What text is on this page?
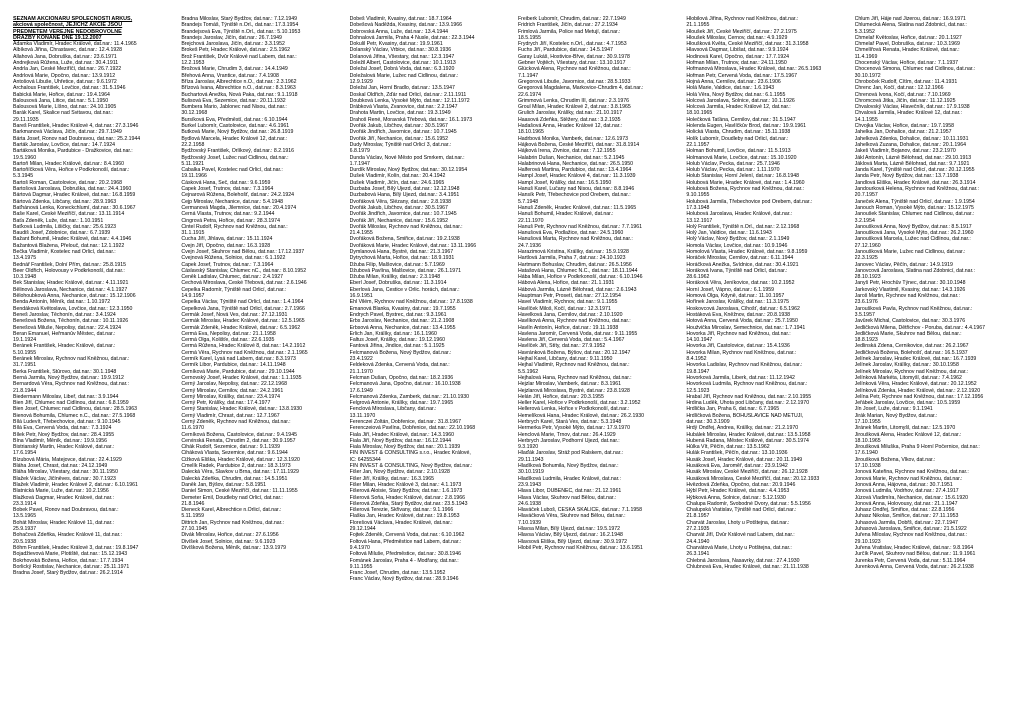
SEZNAM AKCIONÁŘŮ SPOLEČNOSTI ARKUS,
akciová společnost, JEJICHŽ AKCIE JSOU
PŘEDMĚTEM VEŘEJNÉ NEDOBROVOLNÉ
DRAŽBY KONANÉ DNE 19.12.2007
Adamka Vladimír, Hradec Králové, dat.nar.: 11.4.1965
Albíková Jiřina, Chrastavec, dat.nar.: 12.4.1928
Allahová Jana, Dobruška, dat.nar.: 23.6.1971
Andrejková Růžena, Luže, dat.nar.: 30.4.1911
Andrla Jan, České Meziříčí, dat.nar.: 26.7.1922
Andrlová Marie, Opočno, dat.nar.: 13.9.1912
Antošová Libuše, Uhřetice, dat.nar.: 9.6.1972
Archalous František, Lovčice, dat.nar.: 31.5.1946
Babická Marie, Hořice, dat.nar.: 19.4.1964
Balousová Jana, Litice, dat.nar.: 5.1.1950
Balousová Marie, Líšno, dat.nar.: 24.10.1905
Barák Karel, Skalice nad Svitavou, dat.nar.:
29.11.1935
Bareš František, Hradec Králové 4, dat.nar.: 27.3.1946
Barkmanová Václava, Jičín, dat.nar.: 29.7.1949
Bárta Josef, Ronov nad Doubravou, dat.nar.: 25.2.1944
Barták Jaroslav, Lovčice, dat.nar.: 14.7.1924
Bartáková Monika, Pardubice - Dražkovice, dat.nar.:
19.5.1960
Bartoň Milan, Hradec Králové, dat.nar.: 8.4.1960
Bartoňíčková Věra, Hořice v Podkrkonoší, dat.nar.:
5.3.1945
Bartoš Roman, Častolovice, dat.nar.: 20.2.1968
Bartošová Jaroslava, Dobruška, dat.nar.: 24.4.1960
Bártová Dagmar, Hradec Králové, dat.nar.: 16.8.1959
Bártová Zdenka, Libčany, dat.nar.: 28.9.1963
Baťhánová Lenka, Koneckchlumí, dat.nar.: 30.6.1967
Baše Karel, České Meziříčí, dat.nar.: 13.11.1914
Baťa Zdeněk, Luže, dat.nar.: 1.10.1951
Baťková Ludmila, Lišičky, dat.nar.: 25.6.1923
Baudiš Josef, Zdobnice, dat.nar.: 6.7.1939
Bažant Bohumil, Hradec Králové, dat.nar.: 4.4.1946
Bažantová Blažena, Přelouč, dat.nar.: 12.1.1922
Bečka Vladimír, Kostelec nad Orlicí, dat.nar.:
13.4.1975
Bednář František, Dolní Přím, dat.nar.: 25.8.1915
Beer Oldřich, Holovousy v Podkrkonoší, dat.nar.:
10.3.1948
Bek Stanislav, Hradec Králové, dat.nar.: 4.11.1921
Bělinová Jaroslava, Nechanice, dat.nar.: 4.1.1927
Bělohoubková Anna, Nechanice, dat.nar.: 15.12.1906
Benda Antonín, Měník, dat.nar.: 1.10.1972
Bendáková Květoslava, Lovčice, dat.nar.: 12.3.1950
Beneš Jaroslav, Těchonín, dat.nar.: 3.4.1924
Benešová Božena, Těchonín, dat.nar.: 10.11.1926
Benešová Miluše, Nepolisy, dat.nar.: 22.4.1924
Beran Emanuel, Heřmanův Městec, dat.nar.:
19.1.1924
Beránek František, Hradec Králové, dat.nar.:
5.10.1955
Beránek Miroslav, Rychnov nad Kněžnou, dat.nar.:
31.7.1951
Berka František, Štůrovo, dat.nar.: 30.1.1948
Berná Jarmila, Nový Bydžov, dat.nar.: 19.9.1912
Bernardová Věra, Rychnov nad Kněžnou, dat.nar.:
21.8.1944
Biedermann Miloslav, Libeř, dat.nar.: 3.9.1944
Bien Jiří, Chlumec nad Cidlinou, dat.nar.: 6.8.1959
Bien Josef, Chlumec nad Cidlinou, dat.nar.: 28.5.1963
Bienová Bohumila, Chlumec n.C., dat.nar.: 27.5.1968
Bílá Ludevít, Třebechovice, dat.nar.: 9.10.1945
Bílá Eva, Červená Voda, dat.nar.: 7.3.1924
Bílek Petr, Nový Bydžov, dat.nar.: 28.4.1955
Bína Vladimír, Měník, dat.nar.: 19.9.1956
Bistrianský Martin, Hradec Králové, dat.nar.:
17.6.1954
Bízubová Mária, Matejovce, dat.nar.: 22.4.1929
Bláha Josef, Chrast, dat.nar.: 24.12.1949
Bláha Miroslav, Všestary, dat.nar.: 30.11.1950
Blažek Václav, Jičíněves, dat.nar.: 30.7.1923
Blažek Vladimír, Hradec Králové 2, dat.nar.: 6.10.1961
Blatnická Marie, Luže, dat.nar.: 10.2.1956
Blažková Dagmar, Hradec Králové, dat.nar.:
23.3.1914
Bobek Pavel, Ronov nad Doubravou, dat.nar.:
13.5.1965
Bohát Miroslav, Hradec Králové 11, dat.nar.:
25.9.1937
Bohačová Zdeňka, Hradec Králové 11, dat.nar.:
20.5.1938
Böhm František, Hradec Králové 3, dat.nar.: 19.8.1947
Bojadžievová Marie, Plotiště, dat.nar.: 15.12.1943
Bokrhovská Božena, Hořice, dat.nar.: 17.7.1934
Borlický Rostislav, Nechanice, dat.nar.: 25.11.1971
Bradna Josef, Starý Bydžov, dat.nar.: 26.2.1914
Bradna Miloslav, Starý Bydžov, dat.nar.: 7.12.1949
Brandejs Tomáš, Týniště n.Orl., dat.nar.: 17.3.1954
Brandejsová Eva, Týniště n.Orl., dat.nar.: 5.10.1953
Brandejs Jaroslav, Jičín, dat.nar.: 26.7.1949
Brejchová Jaroslava, Jičín, dat.nar.: 3.3.1952
Brokeš Petr, Hradec Králové, dat.nar.: 2.5.1962
Brož František, Dvůr Králové nad Labem, dat.nar.:
12.2.1953
Brožová Marie, Chrudim 3, dat.nar.: 14.4.1949
Břehová Anna, Vrantice, dat.nar.: 7.4.1908
Bříza Jaroslav, Albrechtice n.O., dat.nar.: 2.3.1962
Břízová Ivana, Albrechtice n.O., dat.nar.: 8.3.1963
Buchartová Anežka, Nová Paka, dat.nar.: 9.1.1918
Bulisová Eva, Sezemice, dat.nar.: 20.11.1932
Bumbera Mario, Jablonec nad Nisou, dat.nar.:
30.12.1968
Bursíková Eva, Předměstí, dat.nar.: 6.10.1944
Burkel Lubomír, Častolovice, dat.nar.: 4.6.1961
Butková Marie, Nový Bydžov, dat.nar.: 26.8.1919
Bydlová Marcela, Hradec Králové 12, dat.nar.:
22.2.1958
Bydžovský František, Orlíkový, dat.nar.: 8.2.1916
Bydžovský Josef, Lužec nad Cidlinou, dat.nar.:
5.11.1921
Cabalka Pavel, Kostelec nad Orlicí, dat.nar.:
19.11.1966
Cásková Hana, Seč, dat.nar.: 9.6.1959
Čapek Josef, Trutnov, dat.nar.: 7.3.1964
Cejnarová Růžena, Bolehošť, dat.nar.: 24.2.1924
Cejp Miroslav, Nechanice, dat.nar.: 5.4.1948
Cermanová Magda, Jilemnice, dat.nar.: 20.4.1974
Černá Vlasta, Trutnov, dat.nar.: 9.2.1944
Cingrová Petra, Hořice, dat.nar.: 28.3.1974
Cintel Rudolf, Rychnov nad Kněžnou, dat.nar.:
31.1.1915
Cucha Jiří, Jihlava, dat.nar.: 15.11.1924
Cvejn Jiří, Opočno, dat.nar.: 16.3.1928
Cvejn Josef, Skuhrov nad Bělou, dat.nar.: 17.12.1937
Cvejnová Růžena, Solnice, dat.nar.: 6.1.1922
Čapek Josef, Trutnov, dat.nar.: 7.3.1964
Čáslavský Stanislav, Chlumec nC., dat.nar.: 8.10.1952
Čeněk Ladislav, Chlumec, dat.nar.: 2.4.1927
Čechová Miroslava, České Třebová, dat.nar.: 2.6.1946
Čepelka Radomír, Týniště nad Orlicí, dat.nar.:
14.9.1957
Čepelka Václav, Týniště nad Orlicí, dat.nar.: 1.4.1964
Čepelková Jana, Týniště nad Orlicí, dat.nar.: 2.7.1966
Čermák Josef, Nová Ves, dat.nar.: 27.12.1931
Čermák Miroslav, Hradec Králové, dat.nar.: 12.5.1965
Čermák Zdeněk, Hradec Králové, dat.nar.: 6.5.1962
Čermá Eva, Nepolisy, dat.nar.: 21.1.1958
Čermá Olga, Kolišťe, dat.nar.: 22.6.1935
Čermá Růžena, Hradec Králové 8, dat.nar.: 14.2.1912
Čermá Věra, Rychnov nad Kněžnou, dat.nar.: 2.1.1965
Čermík Karel, Lysá nad Labem, dat.nar.: 8.3.1973
Čermík Libor, Pardubice, dat.nar.: 14.11.1948
Černíková Marie, Pardubice, dat.nar.: 29.10.1944
Černovský Josef, Hradec Králové, dat.nar.: 1.1.1935
Černý Jaroslav, Nepolisy, dat.nar.: 22.12.1968
Černý Miroslav, Černilov, dat.nar.: 24.2.1961
Černý Miroslav, Králíky, dat.nar.: 23.4.1974
Černý Petr, Králíky, dat.nar.: 17.4.1977
Černý Stanislav, Hradec Králové, dat.nar.: 13.8.1930
Černý Vladimír, Chrast, dat.nar.: 12.7.1967
Černý Zdeněk, Rychnov nad Kněžnou, dat.nar.:
11.6.1970
Černíková Božena, Častolovice, dat.nar.: 9.4.1945
Červinská Renata, Chrudim 2, dat.nar.: 30.9.1957
Čihák Rudolf, Sezemice, dat.nar.: 9.1.1939
Čiháková Vlasta, Sezemice, dat.nar.: 9.6.1944
Čižková Eliška, Hradec Králové, dat.nar.: 12.3.1920
Čmelík Radek, Pardubice 2, dat.nar.: 18.3.1973
Dalecká Věra, Slavkov u Brna, dat.nar.: 17.11.1929
Dalecká Zdeňka, Chrudim, dat.nar.: 14.5.1951
Daněk Jan, Býšov, dat.nar.: 5.8.1951
Daniel Šimon, České Meziříčí, dat.nar.: 11.11.1955
Demeter Emil, Doudleby nad Orlicí, dat.nar.:
21.8.1946
Dieneck Karel, Albrechtice n.Orlicí, dat.nar.:
5.11.1959
Dittrich Jan, Rychnov nad Kněžnou, dat.nar.:
27.10.1945
Divák Miroslav, Hořice, dat.nar.: 27.6.1956
Divíšek Josef, Solnice, dat.nar.: 9.6.1923
Divíšková Božena, Měník, dat.nar.: 13.9.1979
Dobeš Vladimír, Kvasiny, dat.nar.: 18.7.1964
Dobešová Naděžda, Kvasiny, dat.nar.: 13.9.1966
Dobrovská Anna, Luže, dat.nar.: 13.4.1944
Dohnalová Jarmila, Praha 4 Nusle, dat.nar.: 22.3.1944
Dokulil Petr, Kvasiny, dat.nar.: 19.9.1961
Dolanský Václav, Vrbice, dat.nar.: 30.8.1936
Dolanová Jiřina, Všestary, dat.nar.: 12.3.1947
Doležil Albert, Častolovice, dat.nar.: 10.1.1913
Doležal Josef, Dobrá Voda, dat.nar.: 6.3.1920
Doležalová Marie, Lužec nad Cidlinou, dat.nar.:
12.9.1929
Doležal Jan, Horní Bradlo, dat.nar.: 13.5.1947
Doskal Oldřich, Žďár nad Orlicí, dat.nar.: 2.11.1911
Doubková Lenka, Vysoké Mýto, dat.nar.: 12.11.1972
Drábková Vlasta, Zvanovice, dat.nar.: 2.2.1947
Drahota Martin, Lovčice, dat.nar.: 19.3.1949
Drahoš René, Moravská Třebová, dat.nar.: 16.1.1973
Dvořák Jakub, Libčhov, dat.nar.: 30.5.1967
Dvořák Jindřich, Javornice, dat.nar.: 10.7.1945
Dvořák Jiří, Nechanice, dat.nar.: 15.6.1952
Dudy Miroslav, Týniště nad Orlicí 3, dat.nar.:
6.8.1979
Dunda Václav, Nové Město pod Smrkem, dat.nar.:
1.7.1947
Durdík Miroslav, Nový Bydžov, dat.nar.: 30.12.1954
Dušek Vladimír, Kolín, dat.nar.: 20.4.1942
Dušek Vladimír, Jičín, dat.nar.: 24.6.1965
Duzbaba Josef, Bílý Újezd, dat.nar.: 12.12.1948
Duzbabová Hana, Bílý Újezd, dat.nar.: 3.4.1951
Dvořáková Věra, Slézany, dat.nar.: 2.8.1938
Dvořák Jakub, Libčhov, dat.nar.: 30.5.1967
Dvořák Jindřich, Javornice, dat.nar.: 10.7.1945
Dvořák Jiří, Nechanice, dat.nar.: 15.6.1952
Dvořák Miloslav, Rychnov nad Kněžnou, dat.nar.:
21.4.1955
Dvořáková Božena, Smiřice, dat.nar.: 19.2.1938
Dvořáková Marie, Hradec Králové, dat.nar.: 13.11.1966
Dymlanová Hana, Bystré, dat.nar.: 21.3.1967
Dytrychová Marta, Hořice, dat.nar.: 18.9.1931
Džuba Filip, Malšovice, dat.nar.: 5.7.1969
Džubová Pavlína, Malšovice, dat.nar.: 26.1.1971
Džuba Milan, Králíky, dat.nar.: 2.3.1948
Eberl Josef, Dobruška, dat.nar.: 11.3.1914
Eberlová Jana, Čestice v Orlic. horách, dat.nar.:
16.9.1951
Ehl Vilém, Rychnov nad Kněžnou, dat.nar.: 17.8.1938
Emanová Blanka, Kvasiny, dat.nar.: 19.7.1955
Endrych Pavel, Bystrec, dat.nar.: 9.3.1961
Erbs Jaroslav, Nechanice, dat.nar.: 21.2.1908
Erbsová Anna, Nechanice, dat.nar.: 13.4.1955
Erlich Jan, Králíky, dat.nar.: 16.1.1960
Faltus Josef, Králíky, dat.nar.: 19.12.1960
Fantová Jiřina, Jindice, dat.nar.: 5.1.1925
Felcmanová Božena, Nový Bydžov, dat.nar.:
23.4.1922
Feldeková Zdenka, Červená Voda, dat.nar.:
21.1.1970
Felcman Dušan, Opočno, dat.nar.: 18.2.1936
Felcmanová Jana, Opočno, dat.nar.: 16.10.1938
17.6.1949
Felcmanová Zdenka, Žamberk, dat.nar.: 21.10.1930
Felgrová Antonie, Králíky, dat.nar.: 19.7.1965
Fenclová Miroslava, Libčany, dat.nar.:
13.11.1970
Ferenczei Zoltán, Dobřenice, dat.nar.: 31.8.1967
Ferenczeiová Pavlína, Dobřenice, dat.nar.: 22.10.1968
Fiala Jiří, Hradec Králové, dat.nar.: 14.3.1960
Fiala Jiří, Nový Bydžov, dat.nar.: 16.12.1944
Fiala Miroslav, Nový Bydžov, dat.nar.: 20.1.1939
FIN INVEST & CONSULTING s.r.o., Hradec Králové,
IČ: 64255344
FIN INVEST & CONSULTING, Nový Bydžov, dat.nar.:
Fišer Jan, Nový Bydžov, dat.nar.: 2.10.1928
Fišer Jiří, Králíky, dat.nar.: 16.3.1965
Fišer Milan, Hradec Králové 3, dat.nar.: 4.1.1973
Fišerová Aloisie, Starý Bydžov, dat.nar.: 1.6.1973
Fišerová Soňa, Hradec Králové, dat.nar.: 2.8.1966
Fišerová Zdeňka, Starý Bydžov, dat.nar.: 23.5.1943
Fišerová Terezie, Skřivany, dat.nar.: 9.1.1966
Flaška Jan, Hradec Králové, dat.nar.: 19.8.1953
Florešová Václava, Hradec Králové, dat.nar.:
29.12.1944
Fojtek Zdeněk, Červená Voda, dat.nar.: 6.10.1962
Foltová Hana, Předměstice nad Labem, dat.nar.:
9.4.1970
Foltová Miluše, Předměstice, dat.nar.: 30.8.1946
Fománek Jaroslav, Praha 4 - Modřany, dat.nar.:
9.11.1955
Franc Josef, Chrudim, dat.nar.: 13.5.1952
Franc Václav, Nový Bydžov, dat.nar.: 28.9.1946
Freiberk Lubomír, Chrudim, dat.nar.: 22.7.1949
Fridrich František, Jičín, dat.nar.: 27.2.1934
Frimlová Jarmila, Police nad Metují, dat.nar.:
18.5.1955
Frydrych Jiří, Kostelec n.Orl., dat.nar.: 4.7.1953
Fuchs Jiří, Pardubice, dat.nar.: 14.5.1947
Garay Lukáš, Hostivice-Břve, dat.nar.: 30.9.1978
Gebner Vojtěch, Všestary, dat.nar.: 13.10.1917
Glücková Alena, Rychnov nad Kněžnou, dat.nar.:
7.1.1947
Gregorová Libuše, Javornice, dat.nar.: 28.5.1933
Gregorová Magdalena, Markovice-Chrudim 4, dat.nar.:
22.6.1974
Grimmová Lenka, Chrudim III, dat.nar.: 2.3.1976
Groul Milan, Hradec Králové 2, dat.nar.: 3.8.1965
Grulich Jaroslav, Králíky, dat.nar.: 21.10.1917
Haasová Zdeňka, Stěžery, dat.nar.: 3.2.1935
Hadašová Anna, Hradec Králové 12, dat.nar.:
18.10.1965
Hadrbová Monika, Vamberk, dat.nar.: 12.6.1973
Hájková Božena, České Meziříčí, dat.nar.: 31.8.1914
Hájková Irena, Živnice, dat.nar.: 7.12.1955
Halabrin Dušan, Nechanice, dat.nar.: 5.2.1945
Halabrinová Hana, Nechanice, dat.nar.: 26.5.1950
Halferová Martina, Pardubice, dat.nar.: 13.4.1964
Hampl Josef, Hradec Králové 4, dat.nar.: 11.3.1939
Hampl Josef, Králíky, dat.nar.: 16.5.1950
Hanuš Karel, Lučany nad Nisou, dat.nar.: 8.8.1946
Hansík Petr, Třebechovice pod Orebem, dat.nar.:
5.7.1948
Hanuš Zdeněk, Hradec Králové, dat.nar.: 11.5.1965
Hanuš Bohumil, Hradec Králové, dat.nar.:
22.11.1970
Hanuš Petr, Rychnov nad Kněžnou, dat.nar.: 7.7.1961
Hanušová Eva, Podlažice, dat.nar.: 24.5.1960
Hanušová Marta, Rychnov nad Kněžnou, dat.nar.:
24.7.1936
Harazimová Kristina, Králíky, dat.nar.: 15.9.1928
Hartlová Jarmila, Praha 7, dat.nar.: 24.10.1923
Hartmann Bohuslav, Chrudim, dat.nar.: 26.5.1956
Hatašová Hana, Chlumec N.C., dat.nar.: 18.11.1944
Hába Milan, Hořice v Podkrkonoší, dat.nar.: 6.10.1946
Hábová Alena, Hořice, dat.nar.: 21.1.1931
Hábová Jarmila, Lázně Bělohrad, dat.nar.: 2.6.1943
Hauptman Petr, Prosetí, dat.nar.: 27.12.1954
Havel Vladimír, Rychnov, dat.nar.: 9.1.1955
Havlíček Miloš, Kočí, dat.nar.: 12.3.1971
Havelková Jana, Černilov, dat.nar.: 2.10.1920
Havlíková Anna, Rychnov nad Kněžnou, dat.nar.:
Havlín Antonín, Hořice, dat.nar.: 19.11.1938
Havlena Jaromír, Červená Voda, dat.nar.: 9.11.1955
Havlena Jiří, Červená Voda, dat.nar.: 5.4.1967
Havlíček Jiří, Štíty, dat.nar.: 27.9.1952
Havránková Božena, Býšov, dat.nar.: 20.12.1947
Hejhal Karel, Libčany, dat.nar.: 9.11.1950
Hejhal Vladimír, Rychnov nad Kněžnou, dat.nar.:
5.5.1962
Hejhalová Hana, Rychnov nad Kněžnou, dat.nar.:
Hejzlar Miroslav, Vamberk, dat.nar.: 8.3.1961
Hejzlarová Miroslava, Bystré, dat.nar.: 23.8.1928
Helán Jiří, Hořice, dat.nar.: 20.3.1955
Heller Karel, Hořice v Podkrkonoší, dat.nar.: 3.2.1952
Hellerová Lenka, Hořice v Podkrkonoší, dat.nar.:
Hemelíková Hana, Hradec Králové, dat.nar.: 26.2.1930
Herbrych Karel, Stará Ves, dat.nar.: 5.3.1948
Hermerka Petr, Vysoké Mýto, dat.nar.: 17.9.1970
Henclová Marie, Trnov, dat.nar.: 26.4.1929
Herbrych Jaroslav, Podhorní Újezd, dat.nar.:
9.3.1920
Hlaďák Jaroslav, Stráž pod Ralskem, dat.nar.:
29.11.1943
Hladíková Bohumila, Nový Bydžov, dat.nar.:
30.10.1919
Hladíková Ludmila, Hradec Králové, dat.nar.:
23.9.1943
Hlava Libor, DUBENEC, dat.nar.: 21.12.1961
Hlava Václav, Skuhrov nad Bělou, dat.nar.:
24.6.1938
Hlaváček Luboš, ČESKÁ SKALICE, dat.nar.: 7.1.1958
Hlaváčková Věra, Skuhrov nad Bělou, dat.nar.:
7.10.1939
Hlavsa Milan, Bílý Újezd, dat.nar.: 19.5.1972
Hlavsa Václav, Bílý Újezd, dat.nar.: 16.2.1948
Hlavsová Eliška, Bílý Újezd, dat.nar.: 30.9.1972
Hlobil Petr, Rychnov nad Kněžnou, dat.nar.: 13.6.1951
Hlobilová Jiřina, Rychnov nad Kněžnou, dat.nar.:
21.1.1955
Hloušek Jiří, České Meziříčí, dat.nar.: 27.2.1975
Hloušek Miloslav, Černov, dat.nar.: 4.9.1929
Hloušková Květa, České Meziříčí, dat.nar.: 31.3.1958
Hlavsová Dagmar, Libišat, dat.nar.: 9.9.1924
Hodinová Karel, Opočno, dat.nar.: 17.7.1924
Hofman Milan, Trutnov, dat.nar.: 24.11.1950
Hofmanová Miroslava, Hradec Králové, dat.nar.: 26.5.1963
Hofman Petr, Červená Voda, dat.nar.: 17.5.1967
Hojná Anna, Černilov, dat.nar.: 23.6.1906
Holá Marie, Valdice, dat.nar.: 1.6.1943
Holá Věra, Nový Bydžov, dat.nar.: 6.1.1955
Holcová Jaroslava, Solnice, dat.nar.: 10.1.1926
Holcová Jarmila, Hradec Králové 12, dat.nar.:
18.10.1965
Holečková Taťána, Černilov, dat.nar.: 31.5.1947
Holenda Eugen, Havlíčkův Brod, dat.nar.: 19.9.1961
Holická Vlasta, Chrudim, dat.nar.: 15.11.1938
Holík Lubomír, Doudleby nad Orlicí, dat.nar.:
22.1.1957
Holman Bohumil, Lovčice, dat.nar.: 11.5.1913
Holmanová Marie, Lovčice, dat.nar.: 15.10.1920
Holub Václav, Pecka, dat.nar.: 25.7.1946
Holub Václav, Pecka, dat.nar.: 1.11.1970
Holub Stanislav, Horní Jelení, dat.nar.: 16.8.1948
Holubová Marie, Hradec Králové, dat.nar.: 1.4.1960
Holubová Božena, Rychnov nad Kněžnou, dat.nar.:
9.10.1955
Holubová Jarmila, Třebechovice pod Orebem, dat.nar.:
17.3.1948
Holubová Jaroslava, Hradec Králové, dat.nar.:
13.12.1917
Holý František, Týniště n.Orl., dat.nar.: 2.12.1968
Holý Jan, Valdice, dat.nar.: 11.6.1943
Holý Václav, Nový Bydžov, dat.nar.: 2.1.1949
Homola Václav, Lovčice, dat.nar.: 10.9.1946
Homolová Vlasta, Hradec Králové, dat.nar.: 9.8.1959
Horáček Miroslav, Černilov, dat.nar.: 6.11.1944
Horáčková Anežka, Svídnice, dat.nar.: 30.4.1921
Horáková Ivana, Týniště nad Orlicí, dat.nar.:
28.6.1962
Horáková Věra, Jeníkovice, dat.nar.: 10.2.1952
Horní Josef, Vápno, dat.nar.: 6.1.1959
Homová Olga, Kdyně, dat.nar.: 11.10.1957
Hořínek Jaroslav, Králíky, dat.nar.: 11.3.1975
Hoskovcová Jaroslava, Číhošť, dat.nar.: 6.5.1962
Hostáková Eva, Kněžnov, dat.nar.: 20.8.1938
Hotová Anna, Červená Voda, dat.nar.: 25.7.1950
Houžvička Miroslav, Semechnice, dat.nar.: 1.7.1941
Hovorka Jiří, Rychnov nad Kněžnou, dat.nar.:
14.10.1947
Hovorka Jiří, Častolovice, dat.nar.: 15.4.1936
Hovorka Milan, Rychnov nad Kněžnou, dat.nar.:
8.4.1952
Hovorka Ladislav, Rychnov nad Kněžnou, dat.nar.:
19.8.1947
Hovorková Jarmila, Liberk, dat.nar.: 11.12.1942
Hovorková Ludmila, Rychnov nad Kněžnou, dat.nar.:
12.5.1923
Hrabal Jiří, Rychnov nad Kněžnou, dat.nar.: 2.10.1955
Hrdina Luděk, Úhota pod Libčany, dat.nar.: 2.12.1970
Hrdlička Jan, Praha 6, dat.nar.: 6.7.1965
Hrdlíčková Božena, BOHUSLAVICE NAD METUJÍ,
dat.nar.: 30.3.1909
Hrdý Ondřej, Andrea, Králíky, dat.nar.: 21.2.1970
Hubálek Miroslav, Hradec Králové, dat.nar.: 13.5.1958
Hubená Radana, Městec Králové, dat.nar.: 30.5.1974
Hůlka Vít, Pěčín, dat.nar.: 13.5.1962
Hulák František, Pěčín, dat.nar.: 13.10.1936
Husák Josef, Hradec Králové, dat.nar.: 20.11.1949
Husáková Eva, Jaroměř, dat.nar.: 23.9.1942
Husák Miroslav, České Meziříčí, dat.nar.: 26.12.1928
Husáková Miroslava, České Meziříčí, dat.nar.: 20.12.1933
Hvězdová Zdeňka, Opočno, dat.nar.: 20.9.1946
Hýbl Petr, Hradec Králové, dat.nar.: 4.4.1953
Hýbková Anna, Solnice, dat.nar.: 5.12.1930
Chalupa Radomír, Svobodné Dvory, dat.nar.: 5.5.1956
Chalupská Vratislav, Týniště nad Orlicí, dat.nar.:
21.8.1957
Charvát Jaroslav, Lhoty u Potštejna, dat.nar.:
27.2.1935
Charvát Jiří, Dvůr Králové nad Labem, dat.nar.:
24.4.1940
Charvátová Marie, Lhoty u Potštejna, dat.nar.:
26.3.1941
Chlebná Jaroslava, Nasavrky, dat.nar.: 27.4.1930
Chlubnová Eva, Hradec Králové, dat.nar.: 21.11.1938
Chlum Jiří, Háje nad Jizerou, dat.nar.: 16.9.1971
Chlumecká Alena, Slatina nad Zdobnicí, dat.nar.:
5.3.1952
Chmelař Květoslav, Hořice, dat.nar.: 20.1.1927
Chmelař Pavel, Dobruška, dat.nar.: 10.3.1969
Chmelířová Renata, Hradec Králové, dat.nar.:
11.4.1969
Chocenský Václav, Hořice, dat.nar.: 7.1.1937
Chocenová Simona, Chlumec nad Cidlinou, dat.nar.:
30.10.1972
Chroboček Rudolf, Cítím, dat.nar.: 11.4.1931
Chrenc Jan, Kočí, dat.nar.: 12.12.1966
Chrenová Ivona, Kočí, dat.nar.: 7.10.1969
Chromcová Jitka, Jičín, dat.nar.: 11.12.1925
Chvalovský Václav, Hlavečník, dat.nar.: 17.9.1938
Chvalová Jarmila, Hradec Králové 12, dat.nar.:
14.1.1955
Chvojka Václav, Hořice, dat.nar.: 19.7.1958
Jahelka Jan, Dohalice, dat.nar.: 21.2.1957
Jahelková Zdenka, Dohalice, dat.nar.: 10.11.1931
Jahelková Zuzana, Dohalice, dat.nar.: 20.1.1964
Jakeš Vladimír, Bojanov, dat.nar.: 23.2.1970
Jákl Antonín, Lázně Bělohrad, dat.nar.: 29.10.1913
Jáklová Marta, Lázně Bělohrad, dat.nar.: 9.7.1921
Janda Karel, Týniště nad Orlicí, dat.nar.: 20.12.1955
Janda Petr, Nový Bydžov, dat.nar.: 13.7.1938
Jandlová Eliška, Hradec Králové, dat.nar.: 26.3.1914
Jandourková Helena, Rychnov nad Kněžnou, dat.nar.:
20.7.1957
Janeček Alena, Týniště nad Orlicí, dat.nar.: 1.9.1954
Janouch Roman, Vysoké Mýto, dat.nar.: 15.12.1975
Janoušek Stanislav, Chlumec nad Cidlinou, dat.nar.:
3.2.1954
Janoušková Anna, Nový Bydžov, dat.nar.: 8.5.1917
Janoušková Jana, Vysoké Mýto, dat.nar.: 26.2.1960
Janoušková Marcela, Lužec nad Cidlinou, dat.nar.:
27.12.1960
Janoušková Marie, Lužec nad Cidlinou, dat.nar.:
22.3.1925
Janovec Václav, Pěčín, dat.nar.: 14.9.1919
Janovcová Jaroslava, Slatina nad Zdobnicí, dat.nar.:
28.10.1923
Janyš Petr, Hrochův Týnec, dat.nar.: 30.10.1948
Jarkovský Vlastimil, Kvasiny, dat.nar.: 14.3.1926
Jaroš Martin, Rychnov nad Kněžnou, dat.nar.:
23.6.1976
Jaroušková Pavla, Rychnov nad Kněžnou, dat.nar.:
3.5.1957
Javůrek Michal, Častolovice, dat.nar.: 30.3.1976
Jedličková Milena, Dětřichov - Poruba, dat.nar.: 4.4.1967
Jedličková Marie, Skuhrov nad Bělou, dat.nar.:
18.8.1923
Jedlinská Zdena, Černikovice, dat.nar.: 26.2.1967
Jedličková Božena, Bolehošť, dat.nar.: 16.5.1937
Jelínek Jaroslav, Hradec Králové, dat.nar.: 16.7.1939
Jelínek Jaroslav, Králíky, dat.nar.: 30.10.1958
Jelínek Miroslav, Rychnov nad Kněžnou, dat.nar.:
Jelínková Markéta, Litomyšl, dat.nar.: 7.4.1962
Jelínková Věra, Hradec Králové, dat.nar.: 20.12.1952
Jelínková Zdenka, Hradec Králové, dat.nar.: 2.12.1920
Jelína Petr, Rychnov nad Kněžnou, dat.nar.: 17.12.1956
Jeřábek Jaroslav, Lovčice, dat.nar.: 10.5.1959
Jín Josef, Luže, dat.nar.: 9.1.1941
Jirák Marian, Nový Bydžov, dat.nar.:
17.10.1955
Jiránek Martin, Litomyšl, dat.nar.: 12.5.1970
Jiroušková Alena, Hradec Králové 12, dat.nar.:
18.10.1965
Jiroušková Miluška, Praha 9 Horní Počernice, dat.nar.:
17.6.1940
Jiroušková Božena, Vlkov, dat.nar.:
17.10.1938
Jonová Kateřina, Rychnov nad Kněžnou, dat.nar.:
Jonová Marie, Rychnov nad Kněžnou, dat.nar.:
Jonová Anna, Hájovna, dat.nar.: 30.7.1951
Jonová Ludmila, Vodrhov, dat.nar.: 27.4.1917
Jůzová Vladimíra, Nechanice, dat.nar.: 15.6.1920
Jonová Anna, Holovousy, dat.nar.: 21.1.1947
Juhasz Ondřej, Smiřice, dat.nar.: 22.8.1956
Juhasz Nikolas, Smiřice, dat.nar.: 27.11.1953
Juhasová Jarmila, Dobřš, dat.nar.: 22.7.1947
Juhasová Jaroslava, Smiřice, dat.nar.: 21.5.1922
Juřena Miloslav, Rychnov nad Kněžnou, dat.nar.:
29.10.1923
Juřena Vratislav, Hradec Králové, dat.nar.: 9.8.1964
Jurčík Pavel, Skuhrov nad Bělou, dat.nar.: 11.9.1961
Jurenka Petr, Červená Voda, dat.nar.: 5.11.1964
Jurenková Anna, Červená Voda, dat.nar.: 26.2.1938
